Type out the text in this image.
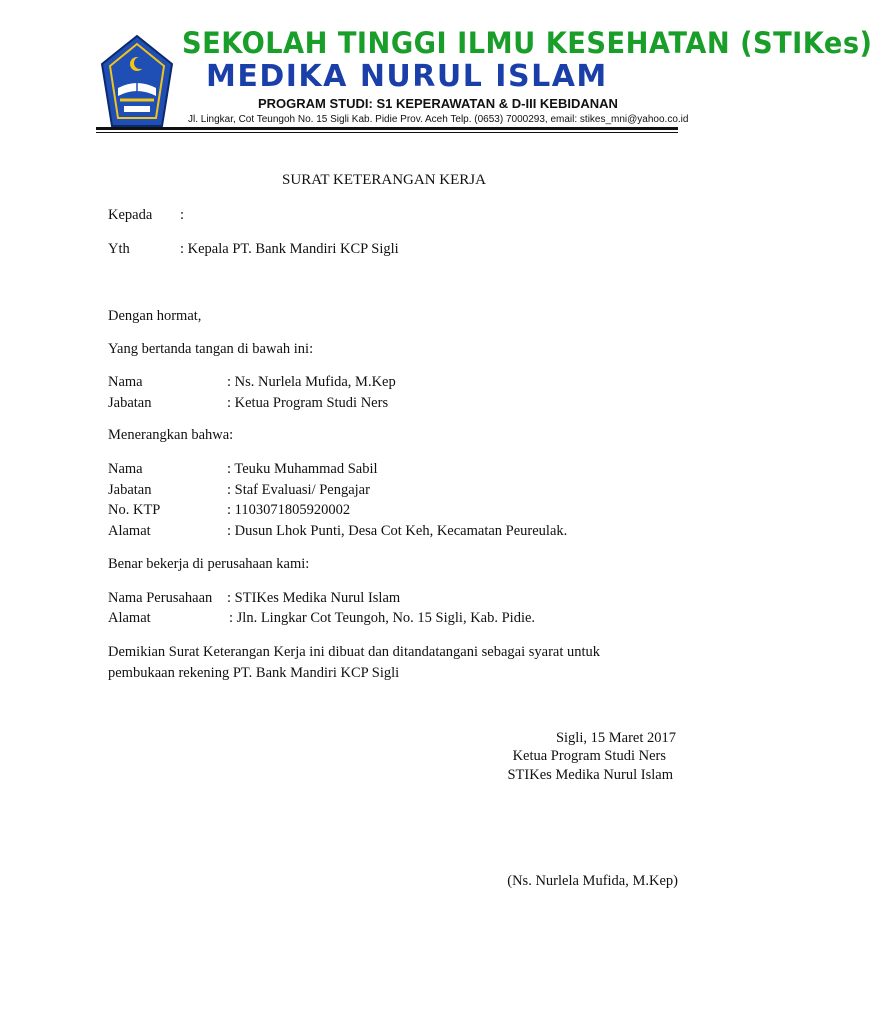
SEKOLAH TINGGI ILMU KESEHATAN (STIKes)
MEDIKA NURUL ISLAM
PROGRAM STUDI: S1 KEPERAWATAN & D-III KEBIDANAN
Jl. Lingkar, Cot Teungoh No. 15 Sigli Kab. Pidie Prov. Aceh Telp. (0653) 7000293, email: stikes_mni@yahoo.co.id
SURAT KETERANGAN KERJA
Kepada :
Yth	: Kepala PT. Bank Mandiri KCP Sigli
Dengan hormat,
Yang bertanda tangan di bawah ini:
Nama	: Ns. Nurlela Mufida, M.Kep
Jabatan	: Ketua Program Studi Ners
Menerangkan bahwa:
Nama	: Teuku Muhammad Sabil
Jabatan	: Staf Evaluasi/ Pengajar
No. KTP	: 1103071805920002
Alamat	: Dusun Lhok Punti, Desa Cot Keh, Kecamatan Peureulak.
Benar bekerja di perusahaan kami:
Nama Perusahaan : STIKes Medika Nurul Islam
Alamat	: Jln. Lingkar Cot Teungoh, No. 15 Sigli, Kab. Pidie.
Demikian Surat Keterangan Kerja ini dibuat dan ditandatangani sebagai syarat untuk
pembukaan rekening PT. Bank Mandiri KCP Sigli
Sigli, 15 Maret 2017
Ketua Program Studi Ners
STIKes Medika Nurul Islam
(Ns. Nurlela Mufida, M.Kep)
